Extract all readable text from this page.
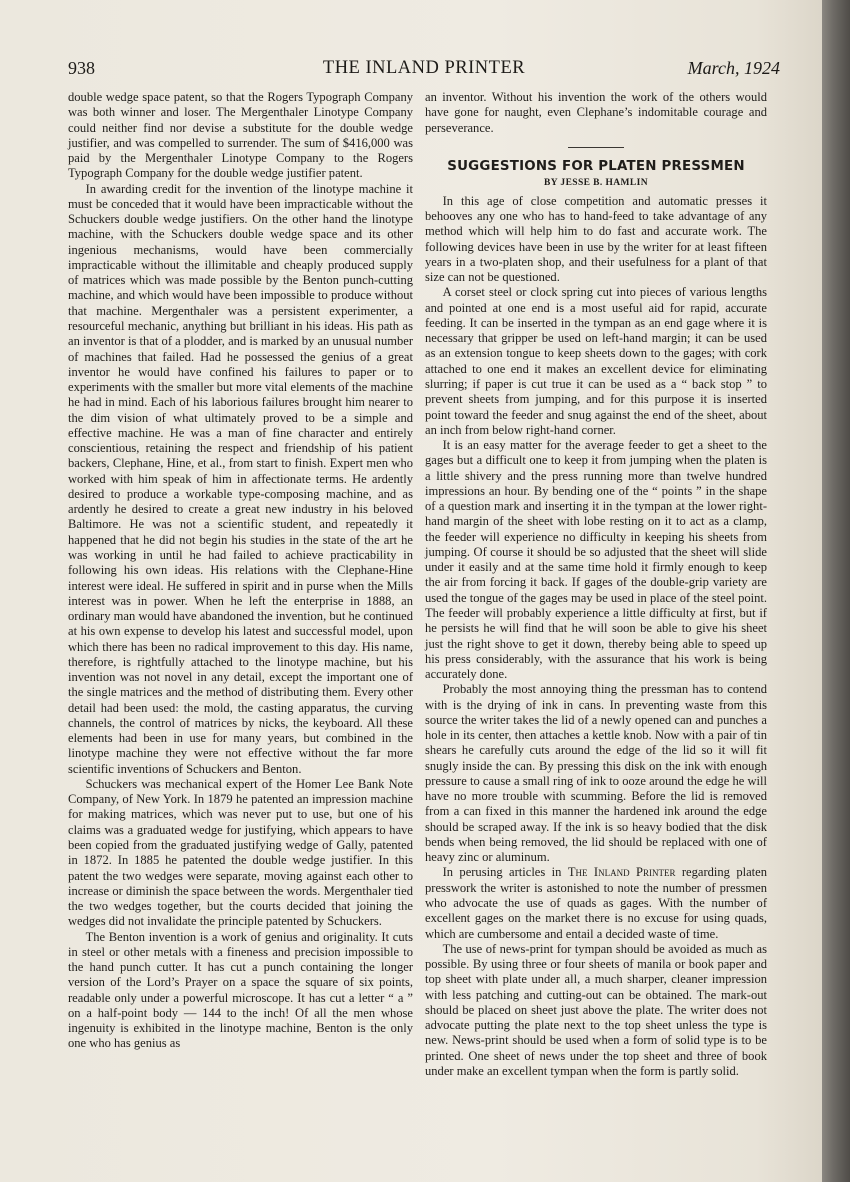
938	THE INLAND PRINTER	March, 1924

double wedge space patent, so that the Rogers Typograph Company was both winner and loser. The Mergenthaler Linotype Company could neither find nor devise a substitute for the double wedge justifier, and was compelled to surrender. The sum of $416,000 was paid by the Mergenthaler Linotype Company to the Rogers Typograph Company for the double wedge justifier patent.

In awarding credit for the invention of the linotype machine it must be conceded that it would have been impracticable without the Schuckers double wedge justifiers. On the other hand the linotype machine, with the Schuckers double wedge space and its other ingenious mechanisms, would have been commercially impracticable without the illimitable and cheaply produced supply of matrices which was made possible by the Benton punch-cutting machine, and which would have been impossible to produce without that machine. Mergenthaler was a persistent experimenter, a resourceful mechanic, anything but brilliant in his ideas. His path as an inventor is that of a plodder, and is marked by an unusual number of machines that failed. Had he possessed the genius of a great inventor he would have confined his failures to paper or to experiments with the smaller but more vital elements of the machine he had in mind. Each of his laborious failures brought him nearer to the dim vision of what ultimately proved to be a simple and effective machine. He was a man of fine character and entirely conscientious, retaining the respect and friendship of his patient backers, Clephane, Hine, et al., from start to finish. Expert men who worked with him speak of him in affectionate terms. He ardently desired to produce a workable type-composing machine, and as ardently he desired to create a great new industry in his beloved Baltimore. He was not a scientific student, and repeatedly it happened that he did not begin his studies in the state of the art he was working in until he had failed to achieve practicability in following his own ideas. His relations with the Clephane-Hine interest were ideal. He suffered in spirit and in purse when the Mills interest was in power. When he left the enterprise in 1888, an ordinary man would have abandoned the invention, but he continued at his own expense to develop his latest and successful model, upon which there has been no radical improvement to this day. His name, therefore, is rightfully attached to the linotype machine, but his invention was not novel in any detail, except the important one of the single matrices and the method of distributing them. Every other detail had been used: the mold, the casting apparatus, the curving channels, the control of matrices by nicks, the keyboard. All these elements had been in use for many years, but combined in the linotype machine they were not effective without the far more scientific inventions of Schuckers and Benton.

Schuckers was mechanical expert of the Homer Lee Bank Note Company, of New York. In 1879 he patented an impression machine for making matrices, which was never put to use, but one of his claims was a graduated wedge for justifying, which appears to have been copied from the graduated justifying wedge of Gally, patented in 1872. In 1885 he patented the double wedge justifier. In this patent the two wedges were separate, moving against each other to increase or diminish the space between the words. Mergenthaler tied the two wedges together, but the courts decided that joining the wedges did not invalidate the principle patented by Schuckers.

The Benton invention is a work of genius and originality. It cuts in steel or other metals with a fineness and precision impossible to the hand punch cutter. It has cut a punch containing the longer version of the Lord’s Prayer on a space the square of six points, readable only under a powerful microscope. It has cut a letter “ a ” on a half-point body — 144 to the inch! Of all the men whose ingenuity is exhibited in the linotype machine, Benton is the only one who has genius as

an inventor. Without his invention the work of the others would have gone for naught, even Clephane’s indomitable courage and perseverance.

SUGGESTIONS FOR PLATEN PRESSMEN
BY JESSE B. HAMLIN

In this age of close competition and automatic presses it behooves any one who has to hand-feed to take advantage of any method which will help him to do fast and accurate work. The following devices have been in use by the writer for at least fifteen years in a two-platen shop, and their usefulness for a plant of that size can not be questioned.

A corset steel or clock spring cut into pieces of various lengths and pointed at one end is a most useful aid for rapid, accurate feeding. It can be inserted in the tympan as an end gage where it is necessary that gripper be used on left-hand margin; it can be used as an extension tongue to keep sheets down to the gages; with cork attached to one end it makes an excellent device for eliminating slurring; if paper is cut true it can be used as a “ back stop ” to prevent sheets from jumping, and for this purpose it is inserted point toward the feeder and snug against the end of the sheet, about an inch from below right-hand corner.

It is an easy matter for the average feeder to get a sheet to the gages but a difficult one to keep it from jumping when the platen is a little shivery and the press running more than twelve hundred impressions an hour. By bending one of the “ points ” in the shape of a question mark and inserting it in the tympan at the lower right-hand margin of the sheet with lobe resting on it to act as a clamp, the feeder will experience no difficulty in keeping his sheets from jumping. Of course it should be so adjusted that the sheet will slide under it easily and at the same time hold it firmly enough to keep the air from forcing it back. If gages of the double-grip variety are used the tongue of the gages may be used in place of the steel point. The feeder will probably experience a little difficulty at first, but if he persists he will find that he will soon be able to give his sheet just the right shove to get it down, thereby being able to speed up his press considerably, with the assurance that his work is being accurately done.

Probably the most annoying thing the pressman has to contend with is the drying of ink in cans. In preventing waste from this source the writer takes the lid of a newly opened can and punches a hole in its center, then attaches a kettle knob. Now with a pair of tin shears he carefully cuts around the edge of the lid so it will fit snugly inside the can. By pressing this disk on the ink with enough pressure to cause a small ring of ink to ooze around the edge he will have no more trouble with scumming. Before the lid is removed from a can fixed in this manner the hardened ink around the edge should be scraped away. If the ink is so heavy bodied that the disk bends when being removed, the lid should be replaced with one of heavy zinc or aluminum.

In perusing articles in The Inland Printer regarding platen presswork the writer is astonished to note the number of pressmen who advocate the use of quads as gages. With the number of excellent gages on the market there is no excuse for using quads, which are cumbersome and entail a decided waste of time.

The use of news-print for tympan should be avoided as much as possible. By using three or four sheets of manila or book paper and top sheet with plate under all, a much sharper, cleaner impression with less patching and cutting-out can be obtained. The mark-out should be placed on sheet just above the plate. The writer does not advocate putting the plate next to the top sheet unless the type is new. News-print should be used when a form of solid type is to be printed. One sheet of news under the top sheet and three of book under make an excellent tympan when the form is partly solid.
